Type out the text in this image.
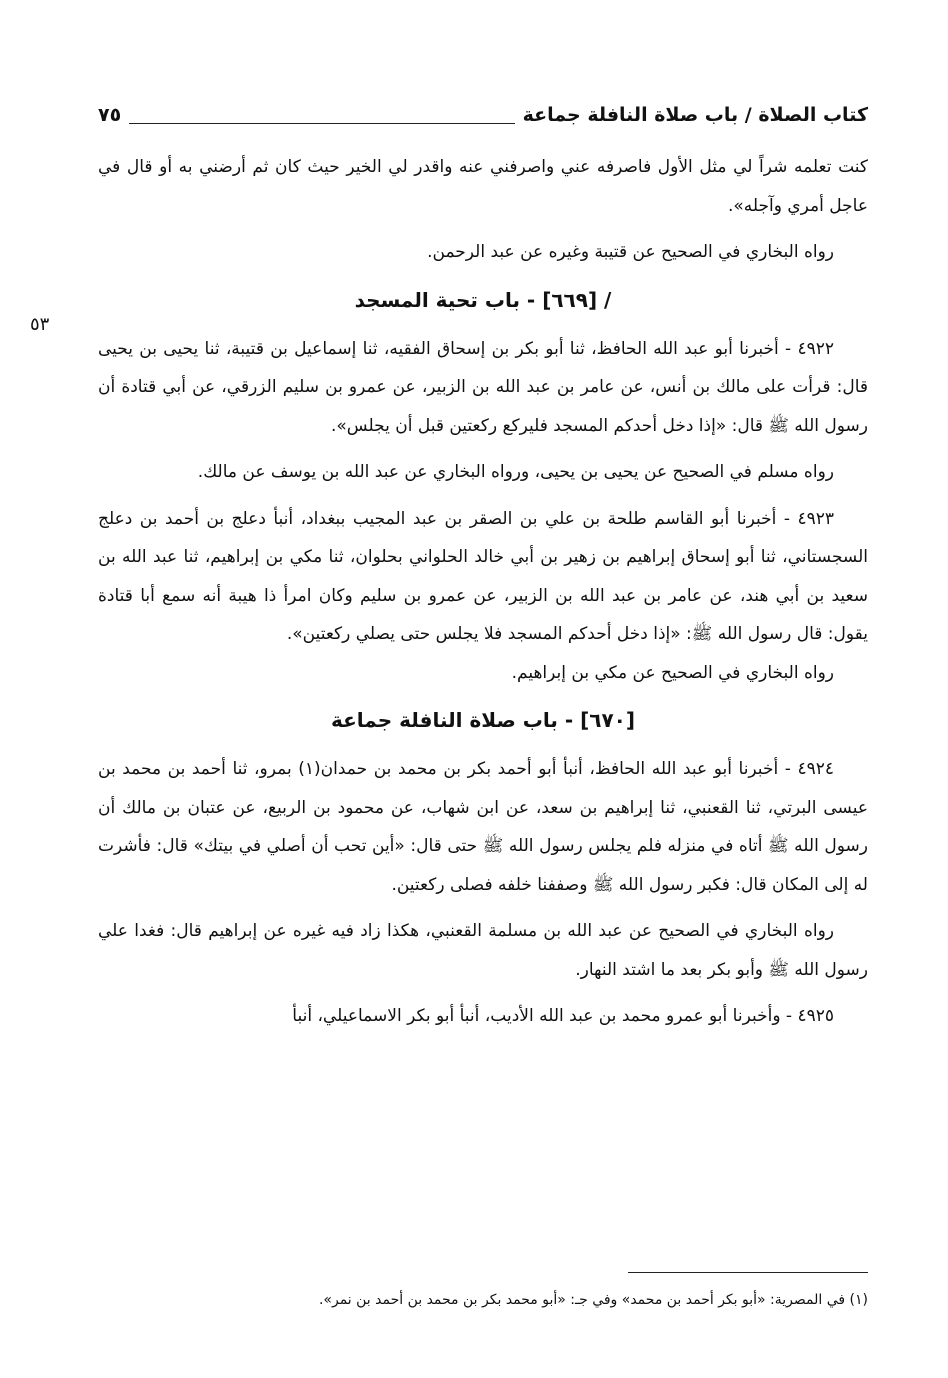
كتاب الصلاة / باب صلاة النافلة جماعة
٧٥
٥٣

كنت تعلمه شراً لي مثل الأول فاصرفه عني واصرفني عنه واقدر لي الخير حيث كان ثم أرضني به أو قال في عاجل أمري وآجله».

رواه البخاري في الصحيح عن قتيبة وغيره عن عبد الرحمن.

/ [٦٦٩] - باب تحية المسجد

٤٩٢٢ - أخبرنا أبو عبد الله الحافظ، ثنا أبو بكر بن إسحاق الفقيه، ثنا إسماعيل بن قتيبة، ثنا يحيى بن يحيى قال: قرأت على مالك بن أنس، عن عامر بن عبد الله بن الزبير، عن عمرو بن سليم الزرقي، عن أبي قتادة أن رسول الله ﷺ قال: «إذا دخل أحدكم المسجد فليركع ركعتين قبل أن يجلس».

رواه مسلم في الصحيح عن يحيى بن يحيى، ورواه البخاري عن عبد الله بن يوسف عن مالك.

٤٩٢٣ - أخبرنا أبو القاسم طلحة بن علي بن الصقر بن عبد المجيب ببغداد، أنبأ دعلج بن أحمد بن دعلج السجستاني، ثنا أبو إسحاق إبراهيم بن زهير بن أبي خالد الحلواني بحلوان، ثنا مكي بن إبراهيم، ثنا عبد الله بن سعيد بن أبي هند، عن عامر بن عبد الله بن الزبير، عن عمرو بن سليم وكان امرأ ذا هيبة أنه سمع أبا قتادة يقول: قال رسول الله ﷺ: «إذا دخل أحدكم المسجد فلا يجلس حتى يصلي ركعتين».

رواه البخاري في الصحيح عن مكي بن إبراهيم.

[٦٧٠] - باب صلاة النافلة جماعة

٤٩٢٤ - أخبرنا أبو عبد الله الحافظ، أنبأ أبو أحمد بكر بن محمد بن حمدان(١) بمرو، ثنا أحمد بن محمد بن عيسى البرتي، ثنا القعنبي، ثنا إبراهيم بن سعد، عن ابن شهاب، عن محمود بن الربيع، عن عتبان بن مالك أن رسول الله ﷺ أتاه في منزله فلم يجلس رسول الله ﷺ حتى قال: «أين تحب أن أصلي في بيتك» قال: فأشرت له إلى المكان قال: فكبر رسول الله ﷺ وصففنا خلفه فصلى ركعتين.

رواه البخاري في الصحيح عن عبد الله بن مسلمة القعنبي، هكذا زاد فيه غيره عن إبراهيم قال: فغدا علي رسول الله ﷺ وأبو بكر بعد ما اشتد النهار.

٤٩٢٥ - وأخبرنا أبو عمرو محمد بن عبد الله الأديب، أنبأ أبو بكر الاسماعيلي، أنبأ

(١) في المصرية: «أبو بكر أحمد بن محمد» وفي جـ: «أبو محمد بكر بن محمد بن أحمد بن نمر».
